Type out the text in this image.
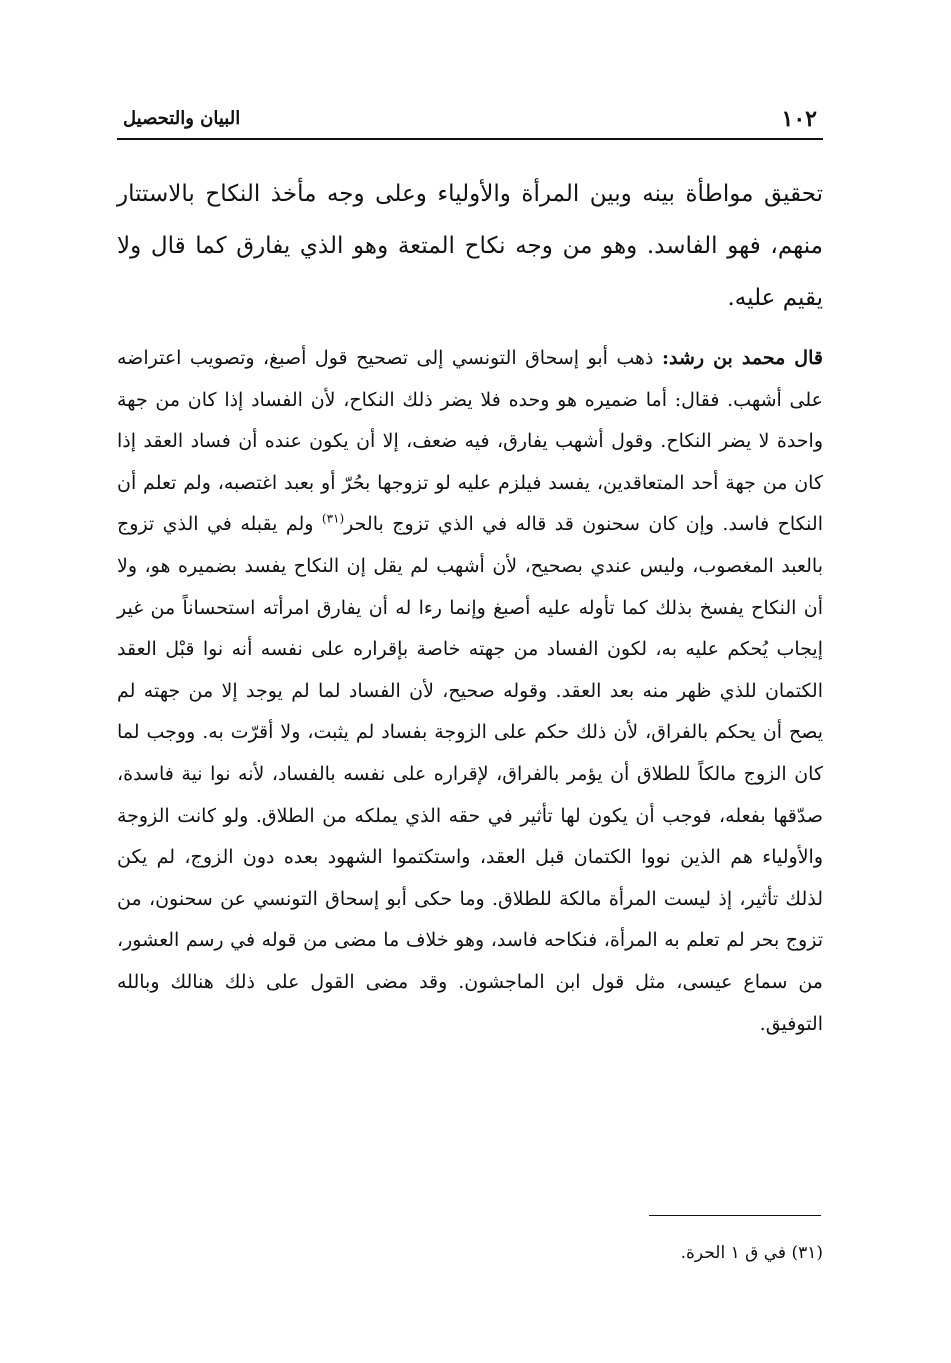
١٠٢
البيان والتحصيل

تحقيق مواطأة بينه وبين المرأة والأولياء وعلى وجه مأخذ النكاح بالاستتار منهم، فهو الفاسد. وهو من وجه نكاح المتعة وهو الذي يفارق كما قال ولا يقيم عليه.

قال محمد بن رشد: ذهب أبو إسحاق التونسي إلى تصحيح قول أصبغ، وتصويب اعتراضه على أشهب. فقال: أما ضميره هو وحده فلا يضر ذلك النكاح، لأن الفساد إذا كان من جهة واحدة لا يضر النكاح. وقول أشهب يفارق، فيه ضعف، إلا أن يكون عنده أن فساد العقد إذا كان من جهة أحد المتعاقدين، يفسد فيلزم عليه لو تزوجها بحُرّ أو بعبد اغتصبه، ولم تعلم أن النكاح فاسد. وإن كان سحنون قد قاله في الذي تزوج بالحر$^{(٣١)}$ ولم يقبله في الذي تزوج بالعبد المغصوب، وليس عندي بصحيح، لأن أشهب لم يقل إن النكاح يفسد بضميره هو، ولا أن النكاح يفسخ بذلك كما تأوله عليه أصبغ وإنما رءا له أن يفارق امرأته استحساناً من غير إيجاب يُحكم عليه به، لكون الفساد من جهته خاصة بإقراره على نفسه أنه نوا قبْل العقد الكتمان للذي ظهر منه بعد العقد. وقوله صحيح، لأن الفساد لما لم يوجد إلا من جهته لم يصح أن يحكم بالفراق، لأن ذلك حكم على الزوجة بفساد لم يثبت، ولا أقرّت به. ووجب لما كان الزوج مالكاً للطلاق أن يؤمر بالفراق، لإقراره على نفسه بالفساد، لأنه نوا نية فاسدة، صدّقها بفعله، فوجب أن يكون لها تأثير في حقه الذي يملكه من الطلاق. ولو كانت الزوجة والأولياء هم الذين نووا الكتمان قبل العقد، واستكتموا الشهود بعده دون الزوج، لم يكن لذلك تأثير، إذ ليست المرأة مالكة للطلاق. وما حكى أبو إسحاق التونسي عن سحنون، من تزوج بحر لم تعلم به المرأة، فنكاحه فاسد، وهو خلاف ما مضى من قوله في رسم العشور، من سماع عيسى، مثل قول ابن الماجشون. وقد مضى القول على ذلك هنالك وبالله التوفيق.

(٣١) في ق ١ الحرة.
